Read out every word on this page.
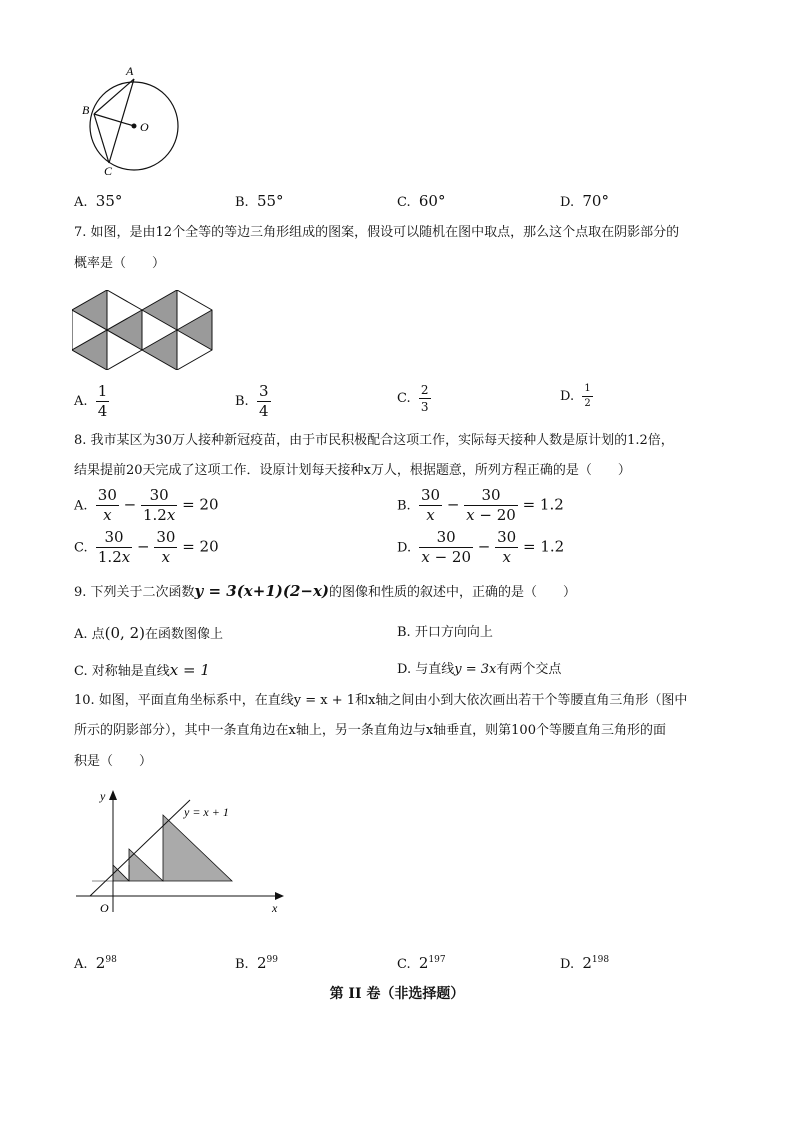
A
B
C
O
A.  35°	B.  55°	C.  60°	D.  70°
7. 如图，是由12个全等的等边三角形组成的图案，假设可以随机在图中取点，那么这个点取在阴影部分的
概率是（　　）
A. $\frac{1}{4}$	B. $\frac{3}{4}$	C. $\frac{2}{3}$	D. $\frac{1}{2}$
8. 我市某区为30万人接种新冠疫苗，由于市民积极配合这项工作，实际每天接种人数是原计划的1.2倍，
结果提前20天完成了这项工作．设原计划每天接种x万人，根据题意，所列方程正确的是（　　）
A. $\frac{30}{x} - \frac{30}{1.2x} = 20$	B. $\frac{30}{x} - \frac{30}{x - 20} = 1.2$
C. $\frac{30}{1.2x} - \frac{30}{x} = 20$	D. $\frac{30}{x - 20} - \frac{30}{x} = 1.2$
9. 下列关于二次函数y = 3(x+1)(2−x)的图像和性质的叙述中，正确的是（　　）
A. 点(0, 2)在函数图像上	B. 开口方向向上
C. 对称轴是直线x = 1	D. 与直线y = 3x有两个交点
10. 如图，平面直角坐标系中，在直线y = x + 1和x轴之间由小到大依次画出若干个等腰直角三角形（图中
所示的阴影部分），其中一条直角边在x轴上，另一条直角边与x轴垂直，则第100个等腰直角三角形的面
积是（　　）
y
x
O
y = x + 1
A.  $2^{98}$	B.  $2^{99}$	C.  $2^{197}$	D.  $2^{198}$
第 II 卷（非选择题）
